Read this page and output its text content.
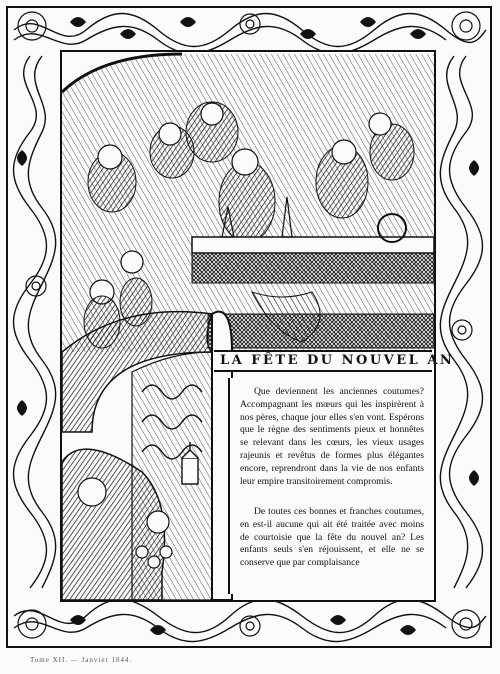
LA FÊTE DU NOUVEL AN

Que deviennent les anciennes coutumes? Accompagnant les mœurs qui les inspirèrent à nos pères, chaque jour elles s'en vont. Espérons que le règne des sentiments pieux et honnêtes se relevant dans les cœurs, les vieux usages rajeunis et revêtus de formes plus élégantes encore, reprendront dans la vie de nos enfants leur empire transitoirement compromis.

De toutes ces bonnes et franches coutumes, en est-il aucune qui ait été traitée avec moins de courtoisie que la fête du nouvel an? Les enfants seuls s'en réjouissent, et elle ne se conserve que par complaisance

Tome XII. — Janvier 1844.
